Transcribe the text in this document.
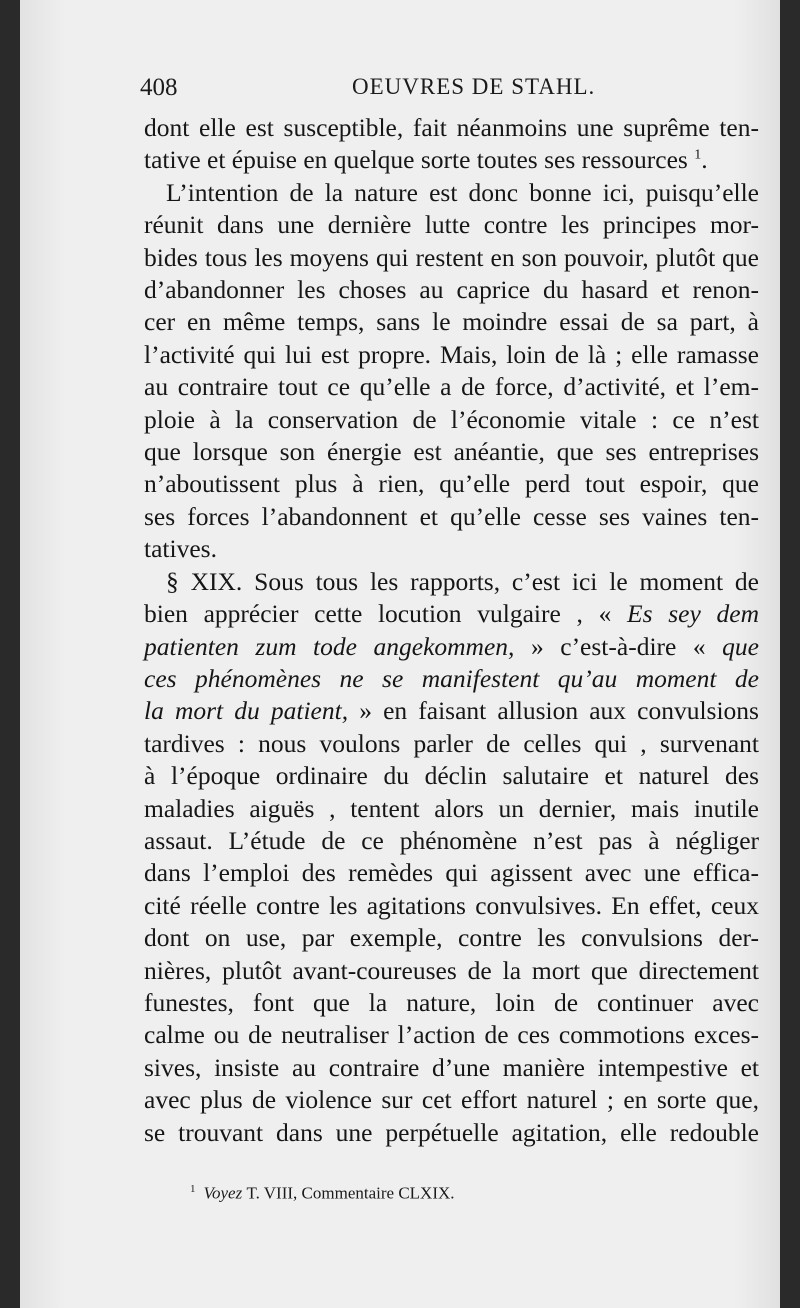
408	OEUVRES DE STAHL.
dont elle est susceptible, fait néanmoins une suprême ten-
tative et épuise en quelque sorte toutes ses ressources $^1$.
L’intention de la nature est donc bonne ici, puisqu’elle
réunit dans une dernière lutte contre les principes mor-
bides tous les moyens qui restent en son pouvoir, plutôt que
d’abandonner les choses au caprice du hasard et renon-
cer en même temps, sans le moindre essai de sa part, à
l’activité qui lui est propre. Mais, loin de là ; elle ramasse
au contraire tout ce qu’elle a de force, d’activité, et l’em-
ploie à la conservation de l’économie vitale : ce n’est
que lorsque son énergie est anéantie, que ses entreprises
n’aboutissent plus à rien, qu’elle perd tout espoir, que
ses forces l’abandonnent et qu’elle cesse ses vaines ten-
tatives.
§ XIX. Sous tous les rapports, c’est ici le moment de
bien apprécier cette locution vulgaire , « Es sey dem
patienten zum tode angekommen, » c’est-à-dire « que
ces phénomènes ne se manifestent qu’au moment de
la mort du patient, » en faisant allusion aux convulsions
tardives : nous voulons parler de celles qui , survenant
à l’époque ordinaire du déclin salutaire et naturel des
maladies aiguës , tentent alors un dernier, mais inutile
assaut. L’étude de ce phénomène n’est pas à négliger
dans l’emploi des remèdes qui agissent avec une effica-
cité réelle contre les agitations convulsives. En effet, ceux
dont on use, par exemple, contre les convulsions der-
nières, plutôt avant-coureuses de la mort que directement
funestes, font que la nature, loin de continuer avec
calme ou de neutraliser l’action de ces commotions exces-
sives, insiste au contraire d’une manière intempestive et
avec plus de violence sur cet effort naturel ; en sorte que,
se trouvant dans une perpétuelle agitation, elle redouble
$^1$ Voyez T. VIII, Commentaire CLXIX.
